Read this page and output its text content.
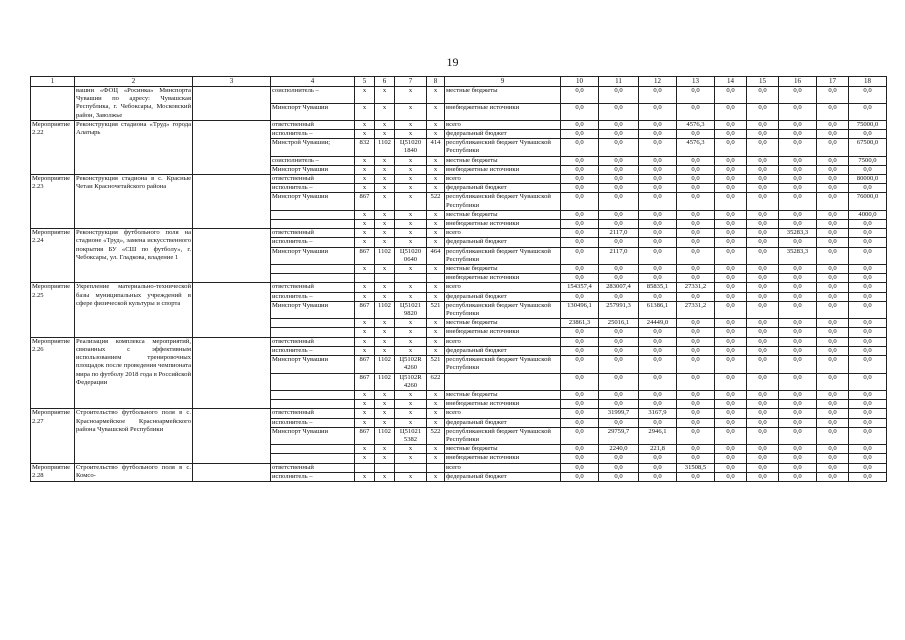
19
1	2	3	4	5	6	7	8	9	10	11	12	13	14	15	16	17	18
	вашни «ФОЦ «Росинка» Минспорта Чувашии по адресу: Чувашская Республика, г. Чебоксары, Московский район, Заволжье		соисполнитель –	x	x	x	x	местные бюджеты	0,0	0,0	0,0	0,0	0,0	0,0	0,0	0,0	0,0
			Минспорт Чувашии	x	x	x	x	внебюджетные источники	0,0	0,0	0,0	0,0	0,0	0,0	0,0	0,0	0,0
Мероприятие 2.22	Реконструкция стадиона «Труд» города Алатырь		ответственный	x	x	x	x	всего	0,0	0,0	0,0	4576,3	0,0	0,0	0,0	0,0	75000,0
			исполнитель –	x	x	x	x	федеральный бюджет	0,0	0,0	0,0	0,0	0,0	0,0	0,0	0,0	0,0
			Минстрой Чувашии;	832	1102	Ц51020 1840	414	республиканский бюджет Чувашской Республики	0,0	0,0	0,0	4576,3	0,0	0,0	0,0	0,0	67500,0
			соисполнитель –	x	x	x	x	местные бюджеты	0,0	0,0	0,0	0,0	0,0	0,0	0,0	0,0	7500,0
			Минспорт Чувашии	x	x	x	x	внебюджетные источники	0,0	0,0	0,0	0,0	0,0	0,0	0,0	0,0	0,0
Мероприятие 2.23	Реконструкция стадиона в с. Красные Четаи Красночетайского района		ответственный	x	x	x	x	всего	0,0	0,0	0,0	0,0	0,0	0,0	0,0	0,0	80000,0
			исполнитель –	x	x	x	x	федеральный бюджет	0,0	0,0	0,0	0,0	0,0	0,0	0,0	0,0	0,0
			Минспорт Чувашии	867	x	x	522	республиканский бюджет Чувашской Республики	0,0	0,0	0,0	0,0	0,0	0,0	0,0	0,0	76000,0
				x	x	x	x	местные бюджеты	0,0	0,0	0,0	0,0	0,0	0,0	0,0	0,0	4000,0
				x	x	x	x	внебюджетные источники	0,0	0,0	0,0	0,0	0,0	0,0	0,0	0,0	0,0
Мероприятие 2.24	Реконструкция футбольного поля на стадионе «Труд», замена искусственного покрытия БУ «СШ по футболу», г. Чебоксары, ул. Гладкова, владение 1		ответственный	x	x	x	x	всего	0,0	2117,0	0,0	0,0	0,0	0,0	35283,3	0,0	0,0
			исполнитель –	x	x	x	x	федеральный бюджет	0,0	0,0	0,0	0,0	0,0	0,0	0,0	0,0	0,0
			Минспорт Чувашии	867	1102	Ц51020 0640	464	республиканский бюджет Чувашской Республики	0,0	2117,0	0,0	0,0	0,0	0,0	35283,3	0,0	0,0
				x	x	x	x	местные бюджеты	0,0	0,0	0,0	0,0	0,0	0,0	0,0	0,0	0,0
								внебюджетные источники	0,0	0,0	0,0	0,0	0,0	0,0	0,0	0,0	0,0
Мероприятие 2.25	Укрепление материально-технической базы муниципальных учреждений в сфере физической культуры и спорта		ответственный	x	x	x	x	всего	154357,4	283007,4	85835,1	27331,2	0,0	0,0	0,0	0,0	0,0
			исполнитель –	x	x	x	x	федеральный бюджет	0,0	0,0	0,0	0,0	0,0	0,0	0,0	0,0	0,0
			Минспорт Чувашии	867	1102	Ц51021 9820	521	республиканский бюджет Чувашской Республики	130496,1	257991,3	61386,1	27331,2	0,0	0,0	0,0	0,0	0,0
				x	x	x	x	местные бюджеты	23861,3	25016,1	24449,0	0,0	0,0	0,0	0,0	0,0	0,0
				x	x	x	x	внебюджетные источники	0,0	0,0	0,0	0,0	0,0	0,0	0,0	0,0	0,0
Мероприятие 2.26	Реализация комплекса мероприятий, связанных с эффективным использованием тренировочных площадок после проведения чемпионата мира по футболу 2018 года в Российской Федерации		ответственный	x	x	x	x	всего	0,0	0,0	0,0	0,0	0,0	0,0	0,0	0,0	0,0
			исполнитель –	x	x	x	x	федеральный бюджет	0,0	0,0	0,0	0,0	0,0	0,0	0,0	0,0	0,0
			Минспорт Чувашии	867	1102	Ц5102R 4260	521	республиканский бюджет Чувашской Республики	0,0	0,0	0,0	0,0	0,0	0,0	0,0	0,0	0,0
				867	1102	Ц5102R 4260	622		0,0	0,0	0,0	0,0	0,0	0,0	0,0	0,0	0,0
				x	x	x	x	местные бюджеты	0,0	0,0	0,0	0,0	0,0	0,0	0,0	0,0	0,0
				x	x	x	x	внебюджетные источники	0,0	0,0	0,0	0,0	0,0	0,0	0,0	0,0	0,0
Мероприятие 2.27	Строительство футбольного поля в с. Красноармейское Красноармейского района Чувашской Республики		ответственный	x	x	x	x	всего	0,0	31999,7	3167,9	0,0	0,0	0,0	0,0	0,0	0,0
			исполнитель –	x	x	x	x	федеральный бюджет	0,0	0,0	0,0	0,0	0,0	0,0	0,0	0,0	0,0
			Минспорт Чувашии	867	1102	Ц51021 5382	522	республиканский бюджет Чувашской Республики	0,0	29759,7	2946,1	0,0	0,0	0,0	0,0	0,0	0,0
				x	x	x	x	местные бюджеты	0,0	2240,0	221,8	0,0	0,0	0,0	0,0	0,0	0,0
				x	x	x	x	внебюджетные источники	0,0	0,0	0,0	0,0	0,0	0,0	0,0	0,0	0,0
Мероприятие 2.28	Строительство футбольного поля в с. Комсо-		ответственный					всего	0,0	0,0	0,0	31508,5	0,0	0,0	0,0	0,0	0,0
			исполнитель –	x	x	x	x	федеральный бюджет	0,0	0,0	0,0	0,0	0,0	0,0	0,0	0,0	0,0
